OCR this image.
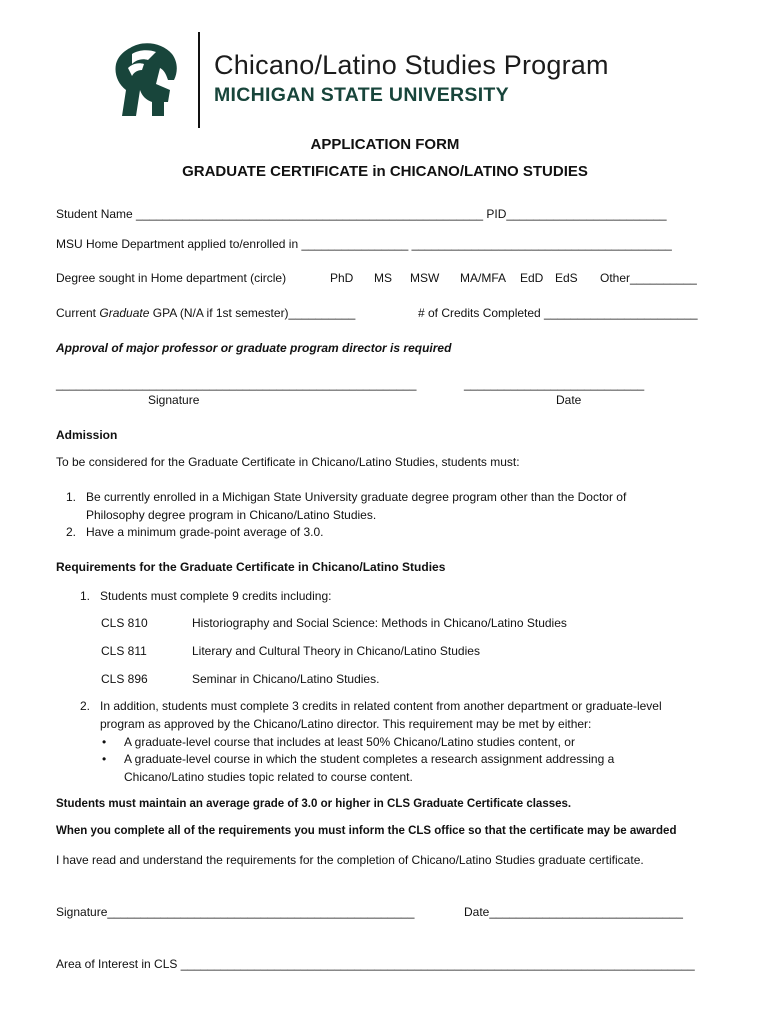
Chicano/Latino Studies Program
MICHIGAN STATE UNIVERSITY
APPLICATION FORM
GRADUATE CERTIFICATE in CHICANO/LATINO STUDIES
Student Name ____________________________________________________ PID________________________
MSU Home Department applied to/enrolled in ________________ _______________________________________
Degree sought in Home department (circle)	PhD MS MSW MA/MFA EdD EdS Other__________
Current Graduate GPA (N/A if 1st semester)__________	# of Credits Completed _______________________
Approval of major professor or graduate program director is required
______________________________________________________	___________________________
Signature	Date
Admission
To be considered for the Graduate Certificate in Chicano/Latino Studies, students must:
1. Be currently enrolled in a Michigan State University graduate degree program other than the Doctor of
Philosophy degree program in Chicano/Latino Studies.
2. Have a minimum grade-point average of 3.0.
Requirements for the Graduate Certificate in Chicano/Latino Studies
1. Students must complete 9 credits including:
CLS 810	Historiography and Social Science: Methods in Chicano/Latino Studies
CLS 811	Literary and Cultural Theory in Chicano/Latino Studies
CLS 896	Seminar in Chicano/Latino Studies.
2. In addition, students must complete 3 credits in related content from another department or graduate-level
program as approved by the Chicano/Latino director. This requirement may be met by either:
• A graduate-level course that includes at least 50% Chicano/Latino studies content, or
• A graduate-level course in which the student completes a research assignment addressing a
Chicano/Latino studies topic related to course content.
Students must maintain an average grade of 3.0 or higher in CLS Graduate Certificate classes.
When you complete all of the requirements you must inform the CLS office so that the certificate may be awarded
I have read and understand the requirements for the completion of Chicano/Latino Studies graduate certificate.
Signature______________________________________________	Date_____________________________
Area of Interest in CLS _____________________________________________________________________________
